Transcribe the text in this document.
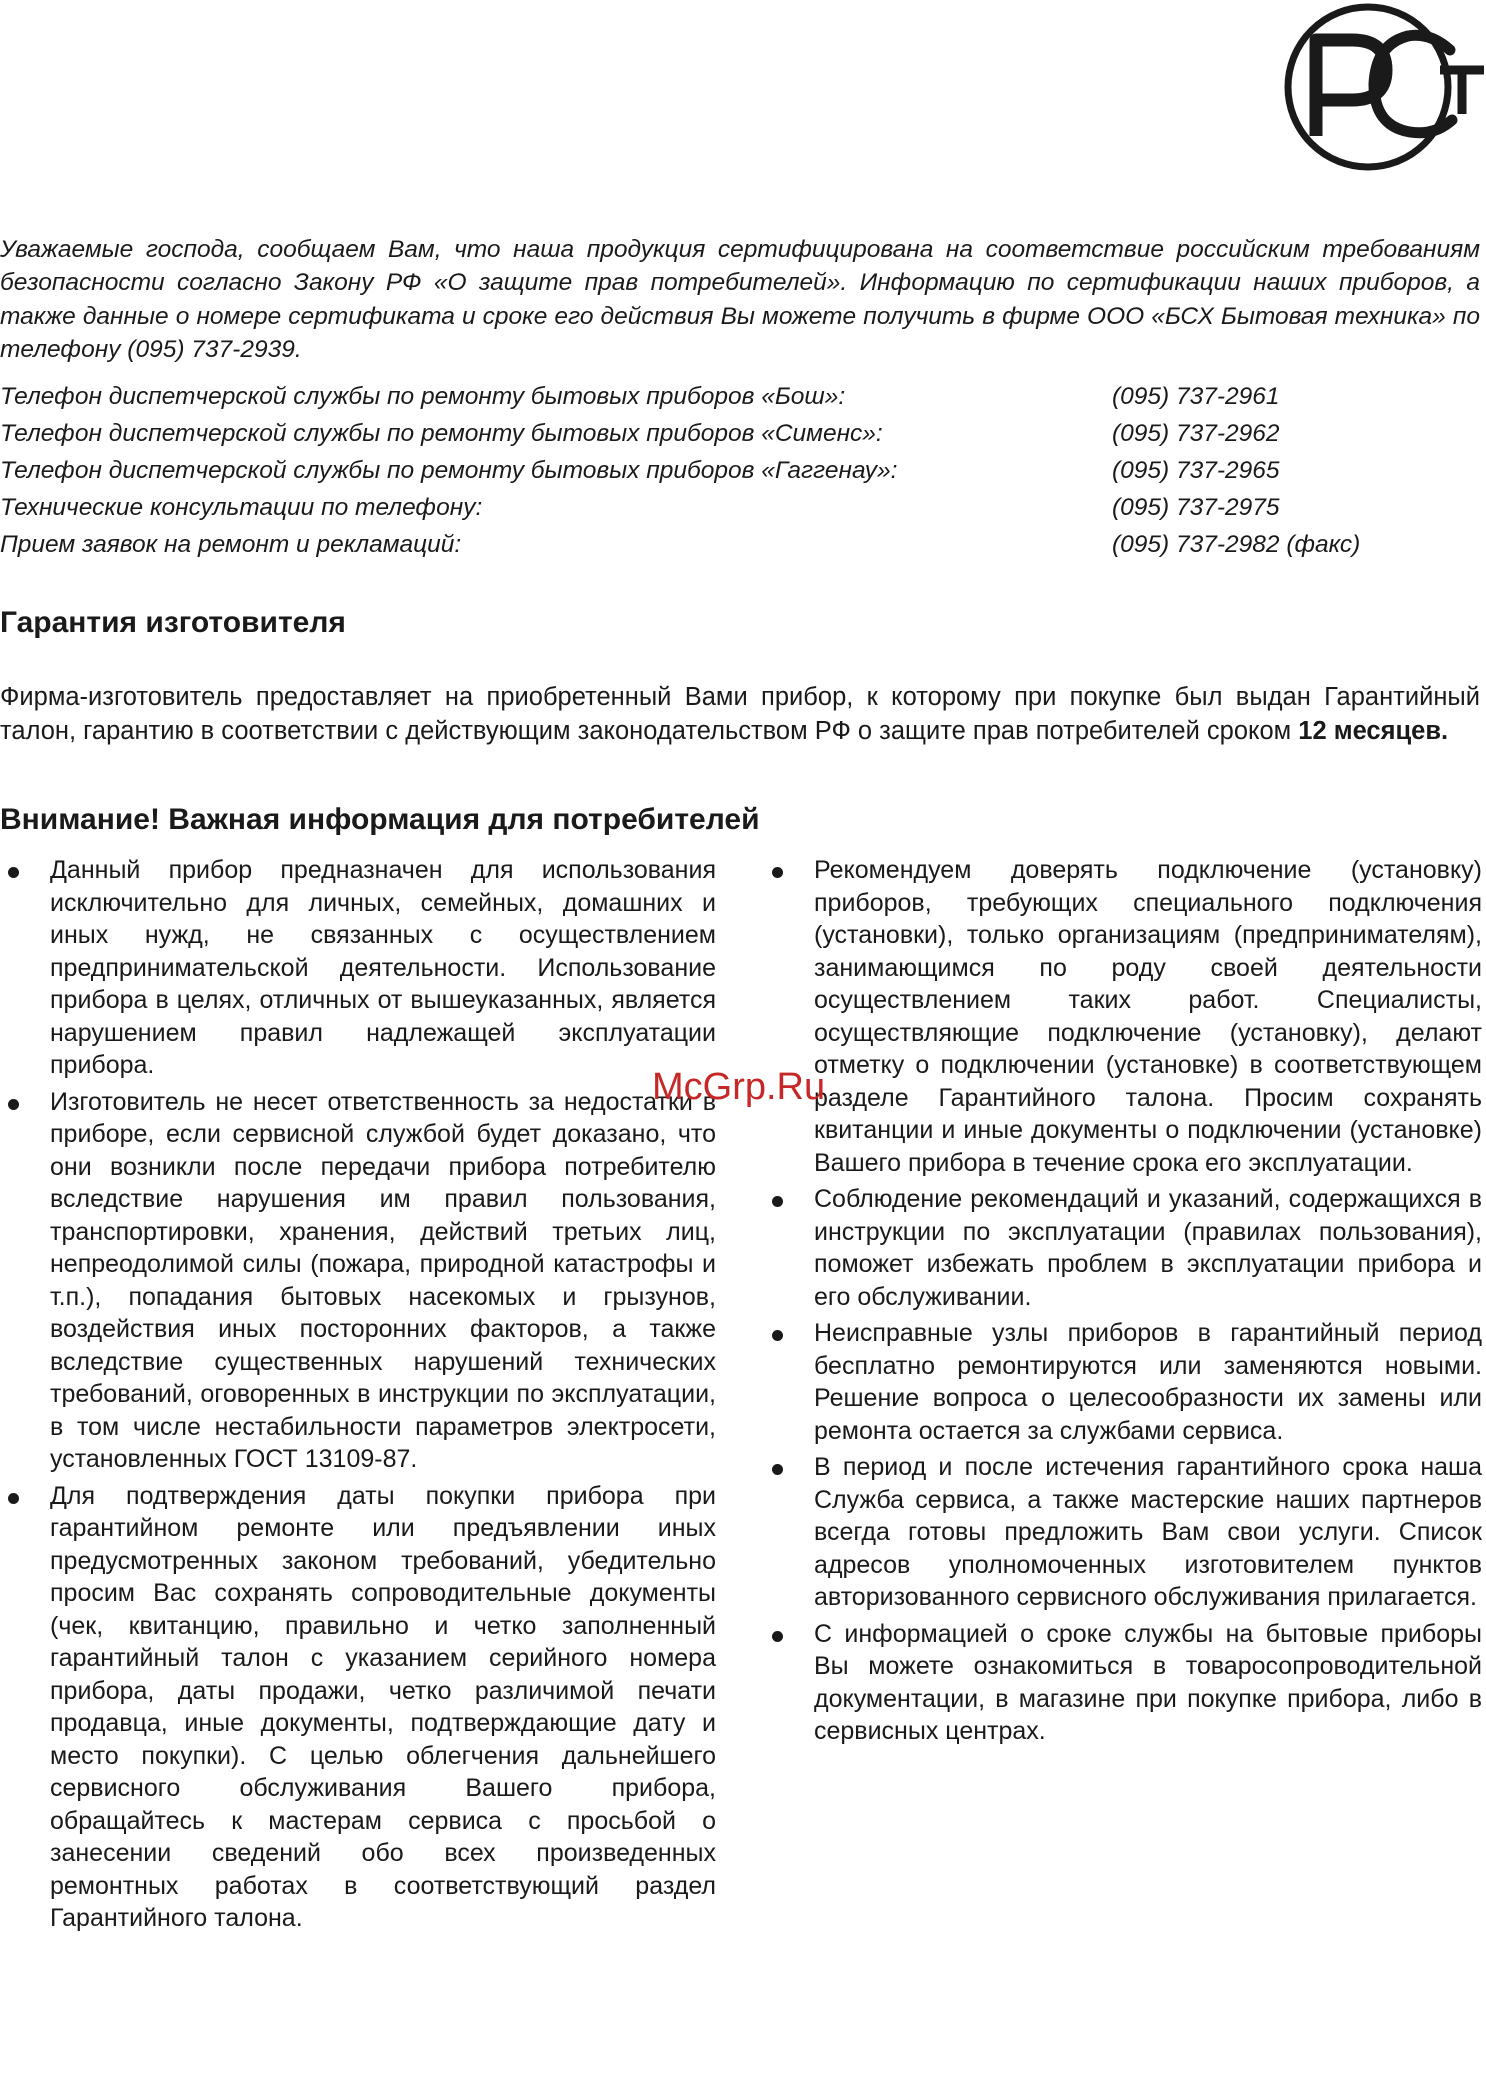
Уважаемые господа, сообщаем Вам, что наша продукция сертифицирована на соответствие российским требованиям безопасности согласно Закону РФ «О защите прав потребителей». Информацию по сертификации наших приборов, а также данные о номере сертификата и сроке его действия Вы можете получить в фирме ООО «БСХ Бытовая техника» по телефону (095) 737-2939.

Телефон диспетчерской службы по ремонту бытовых приборов «Бош»:	(095) 737-2961
Телефон диспетчерской службы по ремонту бытовых приборов «Сименс»:	(095) 737-2962
Телефон диспетчерской службы по ремонту бытовых приборов «Гаггенау»:	(095) 737-2965
Технические консультации по телефону:	(095) 737-2975
Прием заявок на ремонт и рекламаций:	(095) 737-2982 (факс)
Гарантия изготовителя

Фирма-изготовитель предоставляет на приобретенный Вами прибор, к которому при покупке был выдан Гарантийный талон, гарантию в соответствии с действующим законодательством РФ о защите прав потребителей сроком 12 месяцев.

Внимание! Важная информация для потребителей
Данный прибор предназначен для использования исключительно для личных, семейных, домашних и иных нужд, не связанных с осуществлением предпринимательской деятельности. Использование прибора в целях, отличных от вышеуказанных, является нарушением правил надлежащей эксплуатации прибора.
Изготовитель не несет ответственность за недостатки в приборе, если сервисной службой будет доказано, что они возникли после передачи прибора потребителю вследствие нарушения им правил пользования, транспортировки, хранения, действий третьих лиц, непреодолимой силы (пожара, природной катастрофы и т.п.), попадания бытовых насекомых и грызунов, воздействия иных посторонних факторов, а также вследствие существенных нарушений технических требований, оговоренных в инструкции по эксплуатации, в том числе нестабильности параметров электросети, установленных ГОСТ 13109-87.
Для подтверждения даты покупки прибора при гарантийном ремонте или предъявлении иных предусмотренных законом требований, убедительно просим Вас сохранять сопроводительные документы (чек, квитанцию, правильно и четко заполненный гарантийный талон с указанием серийного номера прибора, даты продажи, четко различимой печати продавца, иные документы, подтверждающие дату и место покупки). С целью облегчения дальнейшего сервисного обслуживания Вашего прибора, обращайтесь к мастерам сервиса с просьбой о занесении сведений обо всех произведенных ремонтных работах в соответствующий раздел Гарантийного талона.
Рекомендуем доверять подключение (установку) приборов, требующих специального подключения (установки), только организациям (предпринимателям), занимающимся по роду своей деятельности осуществлением таких работ. Специалисты, осуществляющие подключение (установку), делают отметку о подключении (установке) в соответствующем разделе Гарантийного талона. Просим сохранять квитанции и иные документы о подключении (установке) Вашего прибора в течение срока его эксплуатации.
Соблюдение рекомендаций и указаний, содержащихся в инструкции по эксплуатации (правилах пользования), поможет избежать проблем в эксплуатации прибора и его обслуживании.
Неисправные узлы приборов в гарантийный период бесплатно ремонтируются или заменяются новыми. Решение вопроса о целесообразности их замены или ремонта остается за службами сервиса.
В период и после истечения гарантийного срока наша Служба сервиса, а также мастерские наших партнеров всегда готовы предложить Вам свои услуги. Список адресов уполномоченных изготовителем пунктов авторизованного сервисного обслуживания прилагается.
С информацией о сроке службы на бытовые приборы Вы можете ознакомиться в товаросопроводительной документации, в магазине при покупке прибора, либо в сервисных центрах.
McGrp.Ru
